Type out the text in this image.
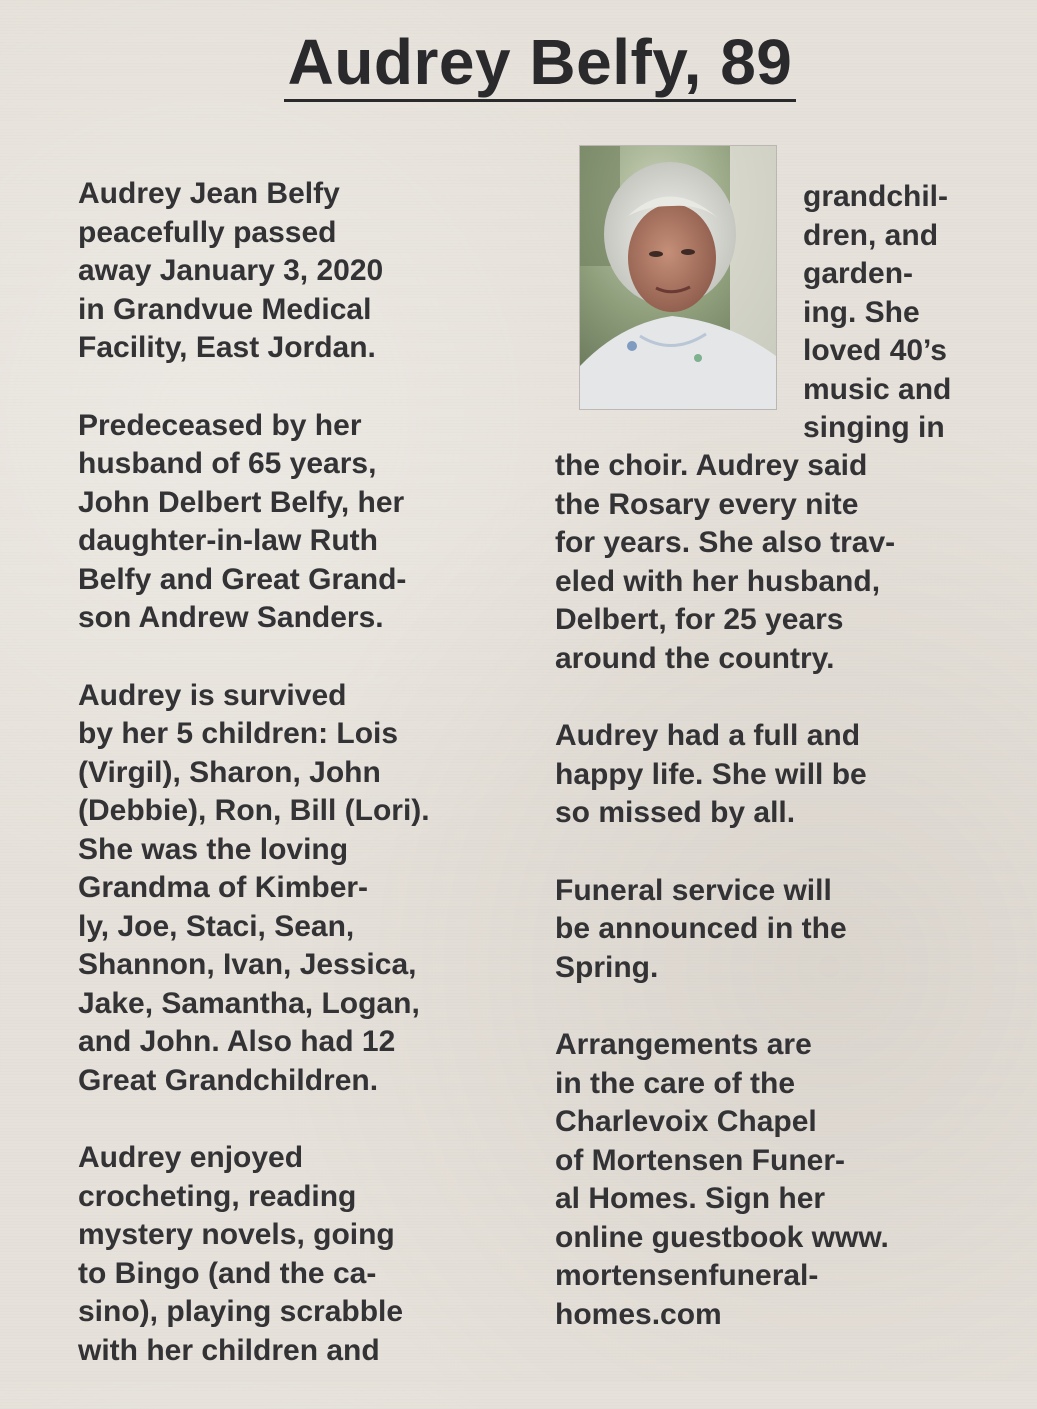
Audrey Belfy, 89

Audrey Jean Belfy
peacefully passed
away January 3, 2020
in Grandvue Medical
Facility, East Jordan.

Predeceased by her
husband of 65 years,
John Delbert Belfy, her
daughter-in-law Ruth
Belfy and Great Grand-
son Andrew Sanders.

Audrey is survived
by her 5 children: Lois
(Virgil), Sharon, John
(Debbie), Ron, Bill (Lori).
She was the loving
Grandma of Kimber-
ly, Joe, Staci, Sean,
Shannon, Ivan, Jessica,
Jake, Samantha, Logan,
and John. Also had 12
Great Grandchildren.

Audrey enjoyed
crocheting, reading
mystery novels, going
to Bingo (and the ca-
sino), playing scrabble
with her children and

grandchil-
dren, and
garden-
ing. She
loved 40’s
music and
singing in

the choir. Audrey said
the Rosary every nite
for years. She also trav-
eled with her husband,
Delbert, for 25 years
around the country.

Audrey had a full and
happy life. She will be
so missed by all.

Funeral service will
be announced in the
Spring.

Arrangements are
in the care of the
Charlevoix Chapel
of Mortensen Funer-
al Homes. Sign her
online guestbook www.
mortensenfuneral-
homes.com
